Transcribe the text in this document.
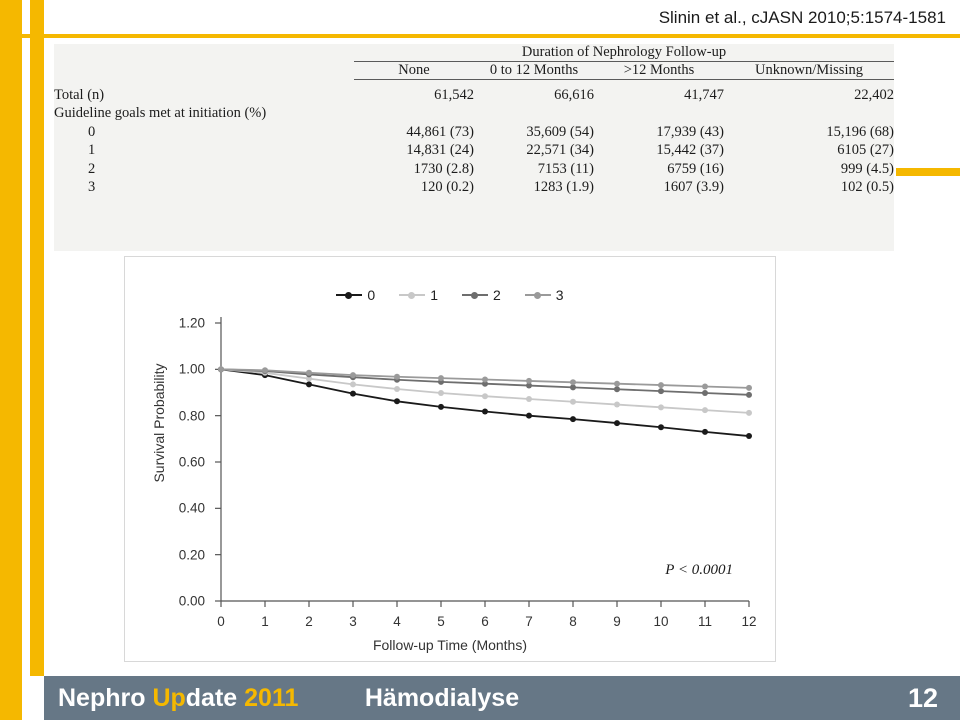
Slinin et al., cJASN 2010;5:1574-1581
	Duration of Nephrology Follow-up			
	None	0 to 12 Months	>12 Months	Unknown/Missing
Total (n)	61,542	66,616	41,747	22,402
Guideline goals met at initiation (%)				
0	44,861 (73)	35,609 (54)	17,939 (43)	15,196 (68)
1	14,831 (24)	22,571 (34)	15,442 (37)	6105 (27)
2	1730 (2.8)	7153 (11)	6759 (16)	999 (4.5)
3	120 (0.2)	1283 (1.9)	1607 (3.9)	102 (0.5)
0	1	2	3
Survival Probability
Follow-up Time (Months)
P < 0.0001
0.00
0.20
0.40
0.60
0.80
1.00
1.20
0	1	2	3	4	5	6	7	8	9	10	11	12
Nephro Update 2011	Hämodialyse	12
